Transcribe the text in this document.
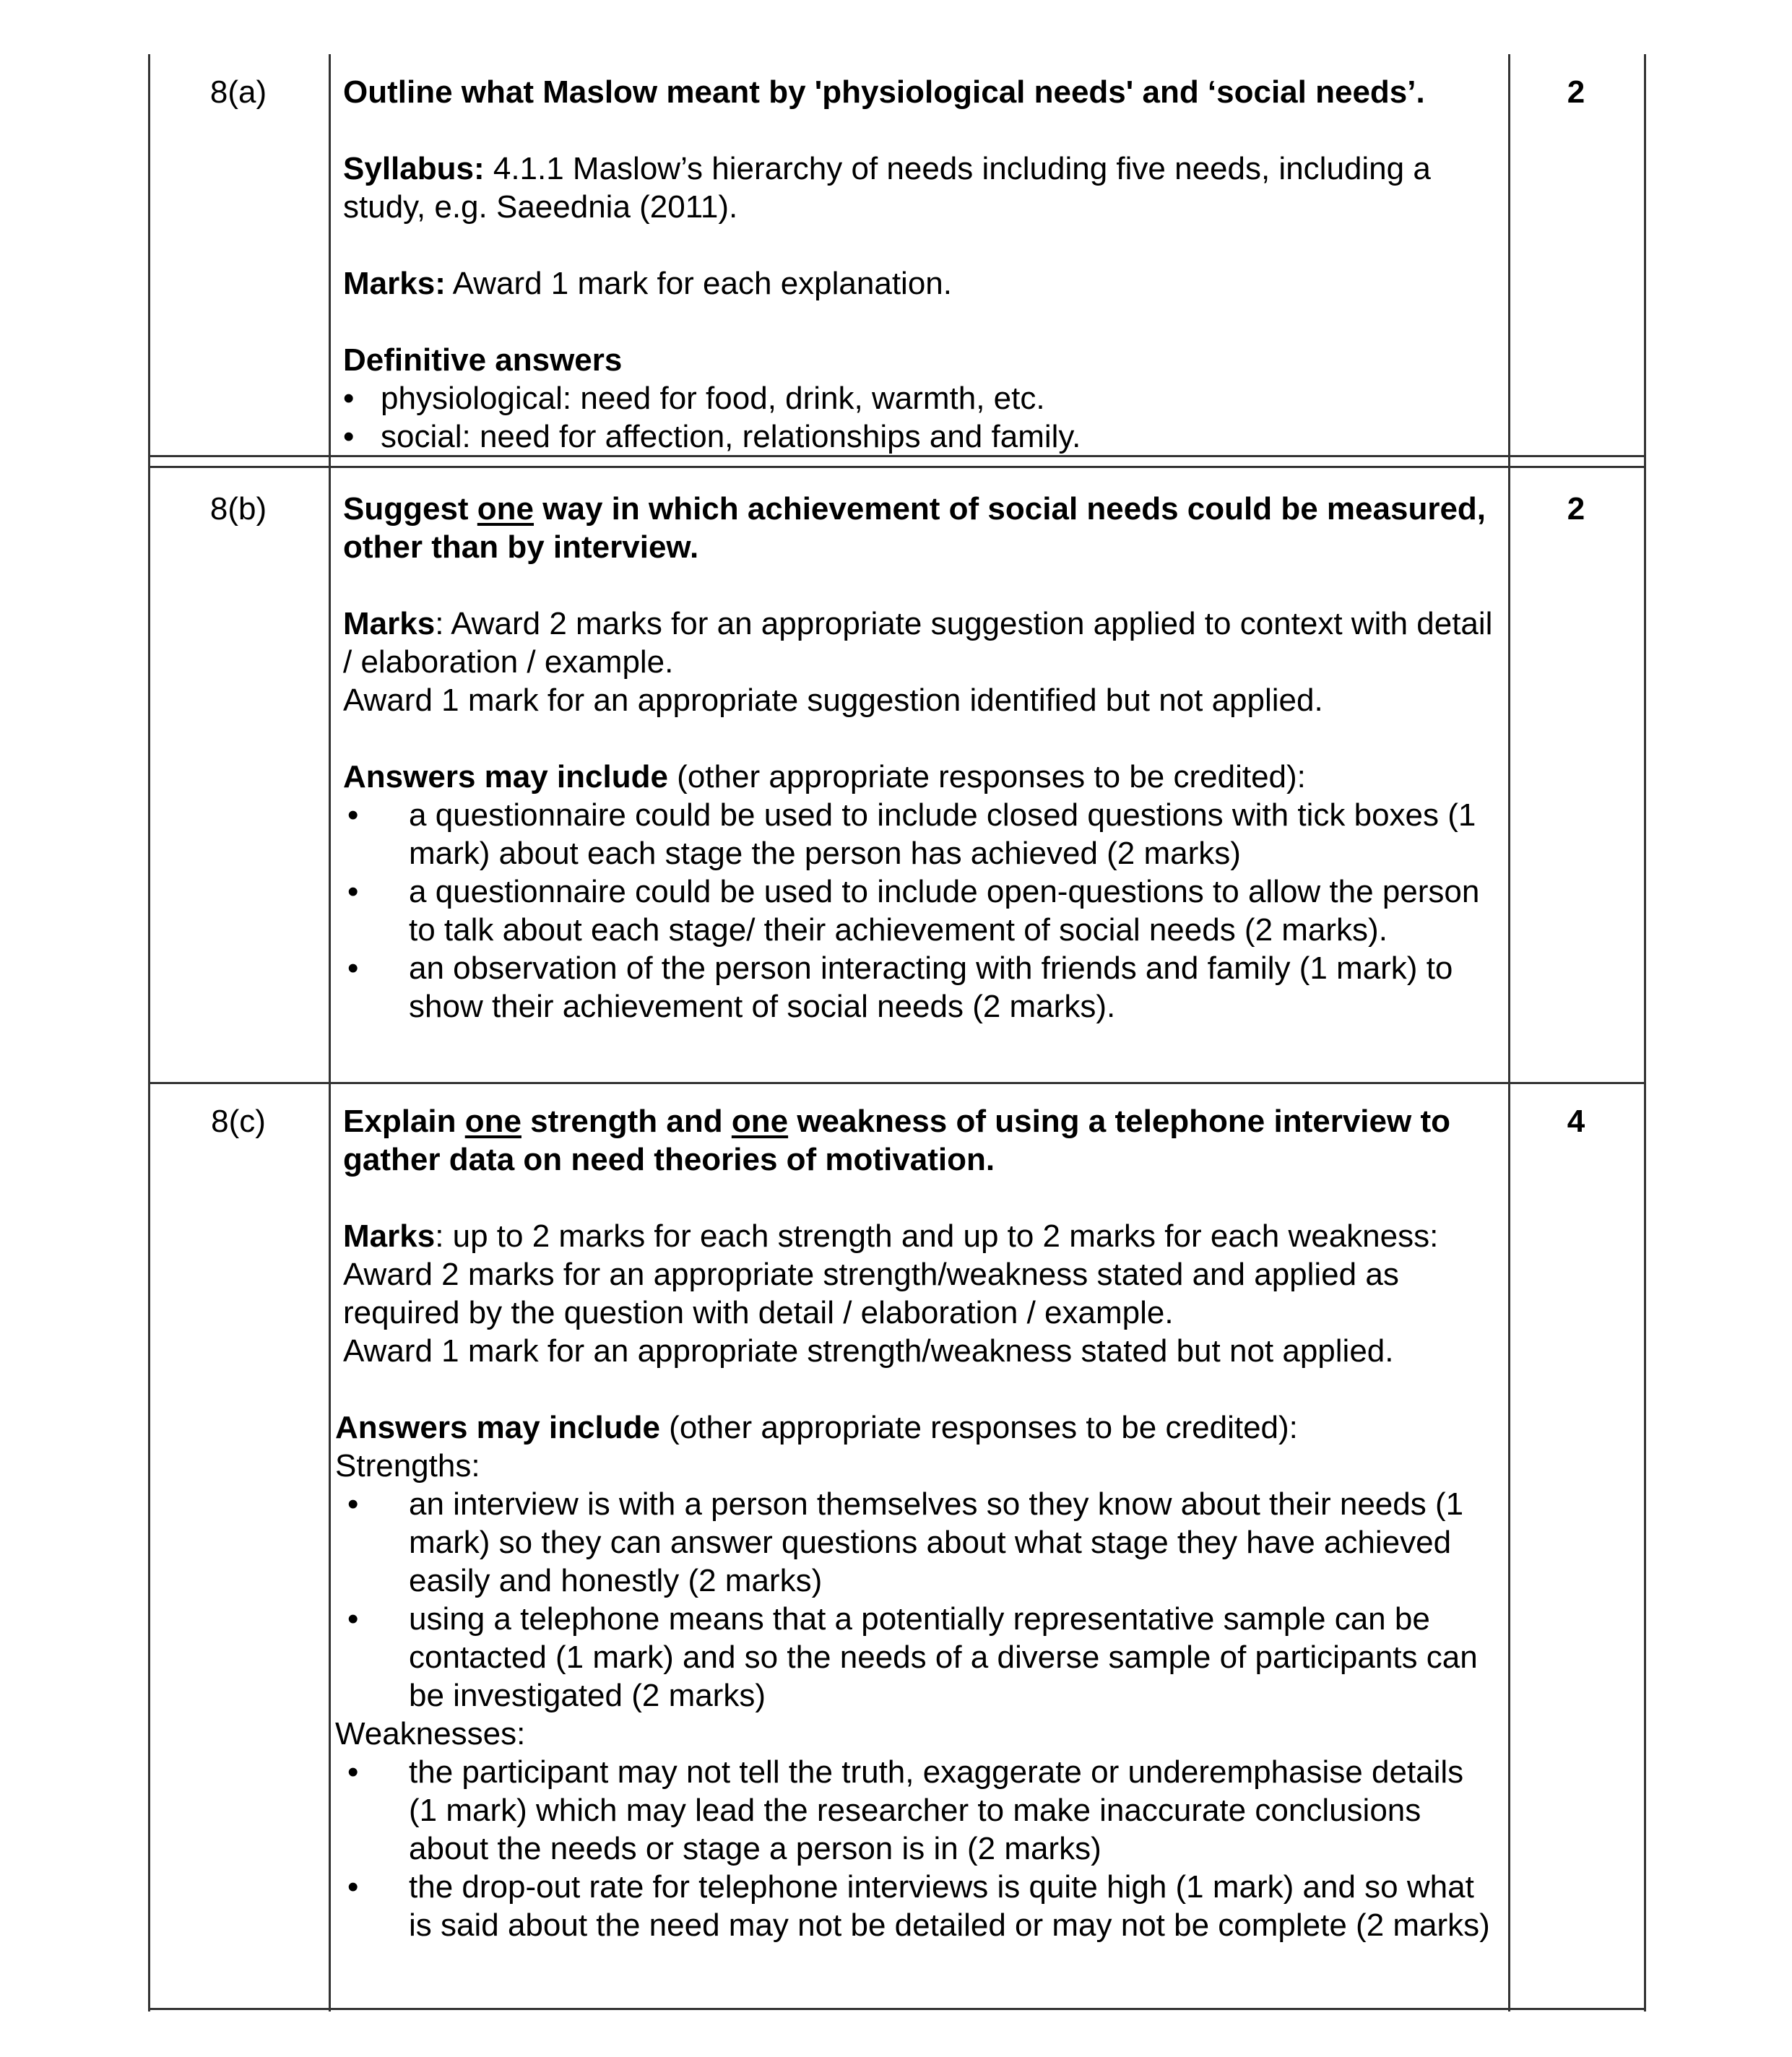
8(a)	Outline what Maslow meant by 'physiological needs' and ‘social needs’.

Syllabus: 4.1.1 Maslow’s hierarchy of needs including five needs, including a study, e.g. Saeednia (2011).

Marks: Award 1 mark for each explanation.

Definitive answers

• physiological: need for food, drink, warmth, etc.
• social: need for affection, relationships and family.
2
8(b)	Suggest one way in which achievement of social needs could be measured, other than by interview.

Marks: Award 2 marks for an appropriate suggestion applied to context with detail / elaboration / example.

Award 1 mark for an appropriate suggestion identified but not applied.

Answers may include (other appropriate responses to be credited):

• a questionnaire could be used to include closed questions with tick boxes (1 mark) about each stage the person has achieved (2 marks)
• a questionnaire could be used to include open-questions to allow the person to talk about each stage/ their achievement of social needs (2 marks).
• an observation of the person interacting with friends and family (1 mark) to show their achievement of social needs (2 marks).
2
8(c)	Explain one strength and one weakness of using a telephone interview to gather data on need theories of motivation.

Marks: up to 2 marks for each strength and up to 2 marks for each weakness:

Award 2 marks for an appropriate strength/weakness stated and applied as required by the question with detail / elaboration / example.

Award 1 mark for an appropriate strength/weakness stated but not applied.

Answers may include (other appropriate responses to be credited):

Strengths:

• an interview is with a person themselves so they know about their needs (1 mark) so they can answer questions about what stage they have achieved easily and honestly (2 marks)
• using a telephone means that a potentially representative sample can be contacted (1 mark) and so the needs of a diverse sample of participants can be investigated (2 marks)

Weaknesses:

• the participant may not tell the truth, exaggerate or underemphasise details (1 mark) which may lead the researcher to make inaccurate conclusions about the needs or stage a person is in (2 marks)
• the drop-out rate for telephone interviews is quite high (1 mark) and so what is said about the need may not be detailed or may not be complete (2 marks)
4
